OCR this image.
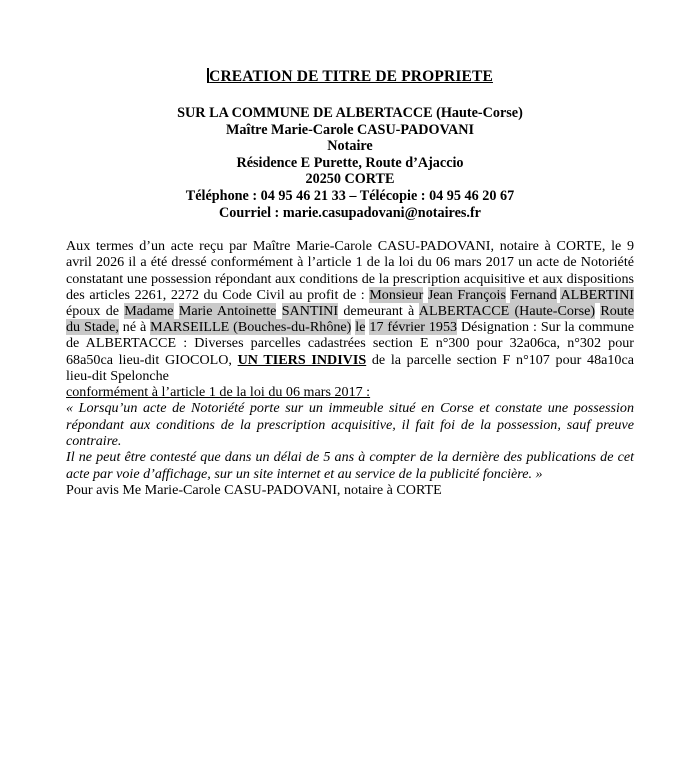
CREATION DE TITRE DE PROPRIETE
SUR LA COMMUNE DE ALBERTACCE (Haute-Corse)
Maître Marie-Carole CASU-PADOVANI
Notaire
Résidence E Purette, Route d’Ajaccio
20250 CORTE
Téléphone : 04 95 46 21 33 – Télécopie : 04 95 46 20 67
Courriel : marie.casupadovani@notaires.fr

Aux termes d’un acte reçu par Maître Marie-Carole CASU-PADOVANI, notaire à CORTE, le 9 avril 2026 il a été dressé conformément à l’article 1 de la loi du 06 mars 2017 un acte de Notoriété constatant une possession répondant aux conditions de la prescription acquisitive et aux dispositions des articles 2261, 2272 du Code Civil au profit de : Monsieur Jean François Fernand ALBERTINI époux de Madame Marie Antoinette SANTINI demeurant à ALBERTACCE (Haute-Corse) Route du Stade, né à MARSEILLE (Bouches-du-Rhône) le 17 février 1953 Désignation : Sur la commune de ALBERTACCE : Diverses parcelles cadastrées section E n°300 pour 32a06ca, n°302 pour 68a50ca lieu-dit GIOCOLO, UN TIERS INDIVIS de la parcelle section F n°107 pour 48a10ca lieu-dit Spelonche

conformément à l’article 1 de la loi du 06 mars 2017 :

« Lorsqu’un acte de Notoriété porte sur un immeuble situé en Corse et constate une possession répondant aux conditions de la prescription acquisitive, il fait foi de la possession, sauf preuve contraire.

Il ne peut être contesté que dans un délai de 5 ans à compter de la dernière des publications de cet acte par voie d’affichage, sur un site internet et au service de la publicité foncière. »

Pour avis Me Marie-Carole CASU-PADOVANI, notaire à CORTE
